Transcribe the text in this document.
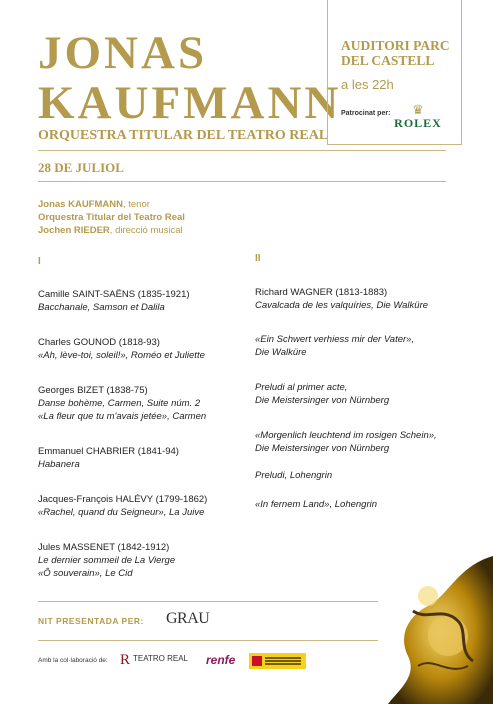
JONAS
KAUFMANN
ORQUESTRA TITULAR DEL TEATRO REAL
28 DE JULIOL
AUDITORI PARC
DEL CASTELL
a les 22h
Patrocinat per:	♛
ROLEX
Jonas KAUFMANN, tenor
Orquestra Titular del Teatro Real
Jochen RIEDER, direcció musical
I
Camille SAINT-SAËNS (1835-1921)
Bacchanale, Samson et Dalila
Charles GOUNOD (1818-93)
«Ah, lève-toi, soleil!», Roméo et Juliette
Georges BIZET (1838-75)
Danse bohème, Carmen, Suite núm. 2
«La fleur que tu m'avais jetée», Carmen
Emmanuel CHABRIER (1841-94)
Habanera
Jacques-François HALÉVY (1799-1862)
«Rachel, quand du Seigneur», La Juive
Jules MASSENET (1842-1912)
Le dernier sommeil de La Vierge
«Ô souverain», Le Cid
II
Richard WAGNER (1813-1883)
Cavalcada de les valquíries, Die Walküre
«Ein Schwert verhiess mir der Vater»,
Die Walküre
Preludi al primer acte,
Die Meistersinger von Nürnberg
«Morgenlich leuchtend im rosigen Schein»,
Die Meistersinger von Nürnberg
Preludi, Lohengrin
«In fernem Land», Lohengrin
NIT PRESENTADA PER: GRAU
Amb la col·laboració de: RTEATRO REAL renfe
